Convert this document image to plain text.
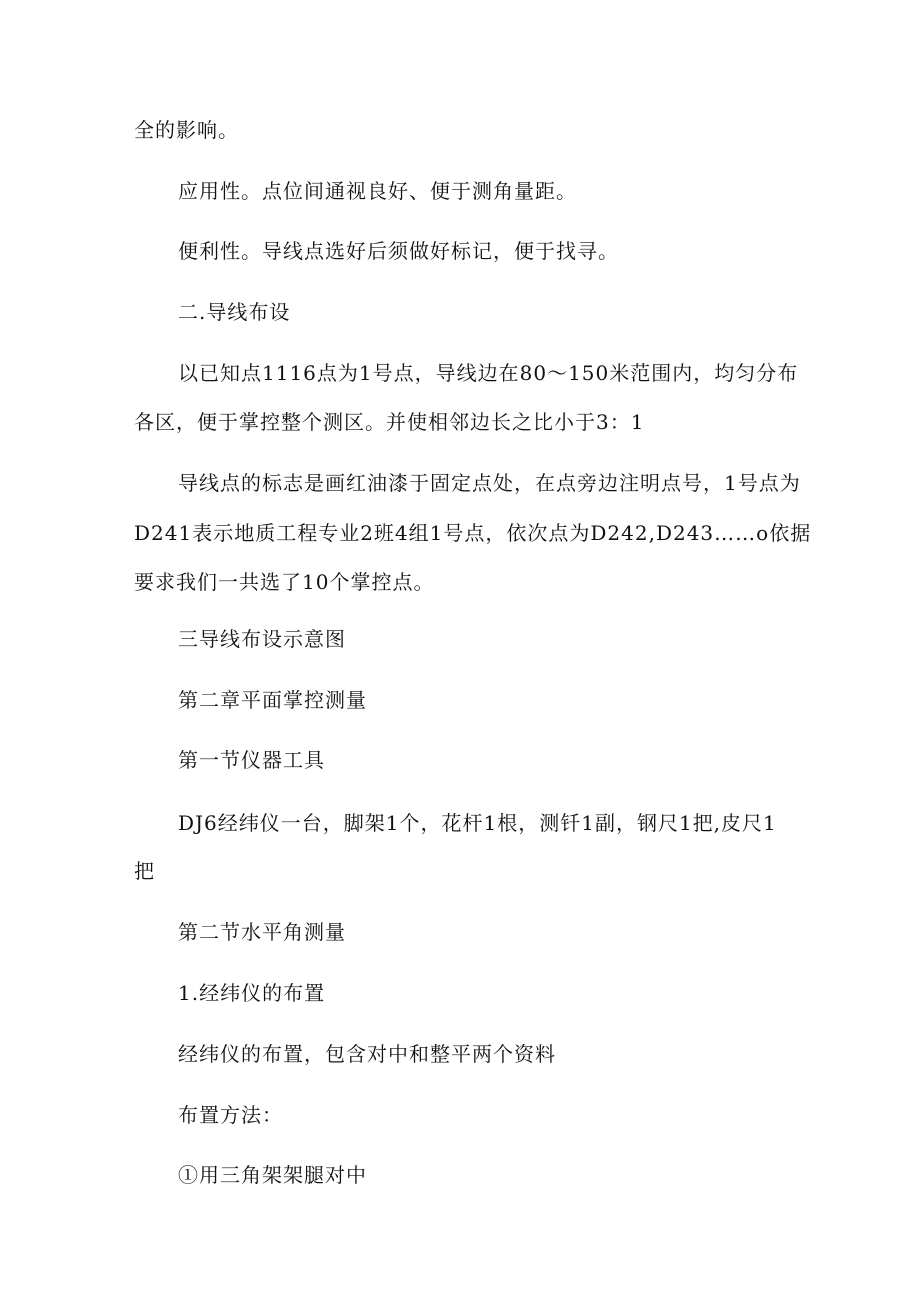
全的影响。
应用性。点位间通视良好、便于测角量距。
便利性。导线点选好后须做好标记，便于找寻。
二.导线布设
以已知点1116点为1号点，导线边在80～150米范围内，均匀分布
各区，便于掌控整个测区。并使相邻边长之比小于3：1
导线点的标志是画红油漆于固定点处，在点旁边注明点号，1号点为
D241表示地质工程专业2班4组1号点，依次点为D242,D243……o依据
要求我们一共选了10个掌控点。
三导线布设示意图
第二章平面掌控测量
第一节仪器工具
DJ6经纬仪一台，脚架1个，花杆1根，测钎1副，钢尺1把,皮尺1
把
第二节水平角测量
1.经纬仪的布置
经纬仪的布置，包含对中和整平两个资料
布置方法：
①用三角架架腿对中
